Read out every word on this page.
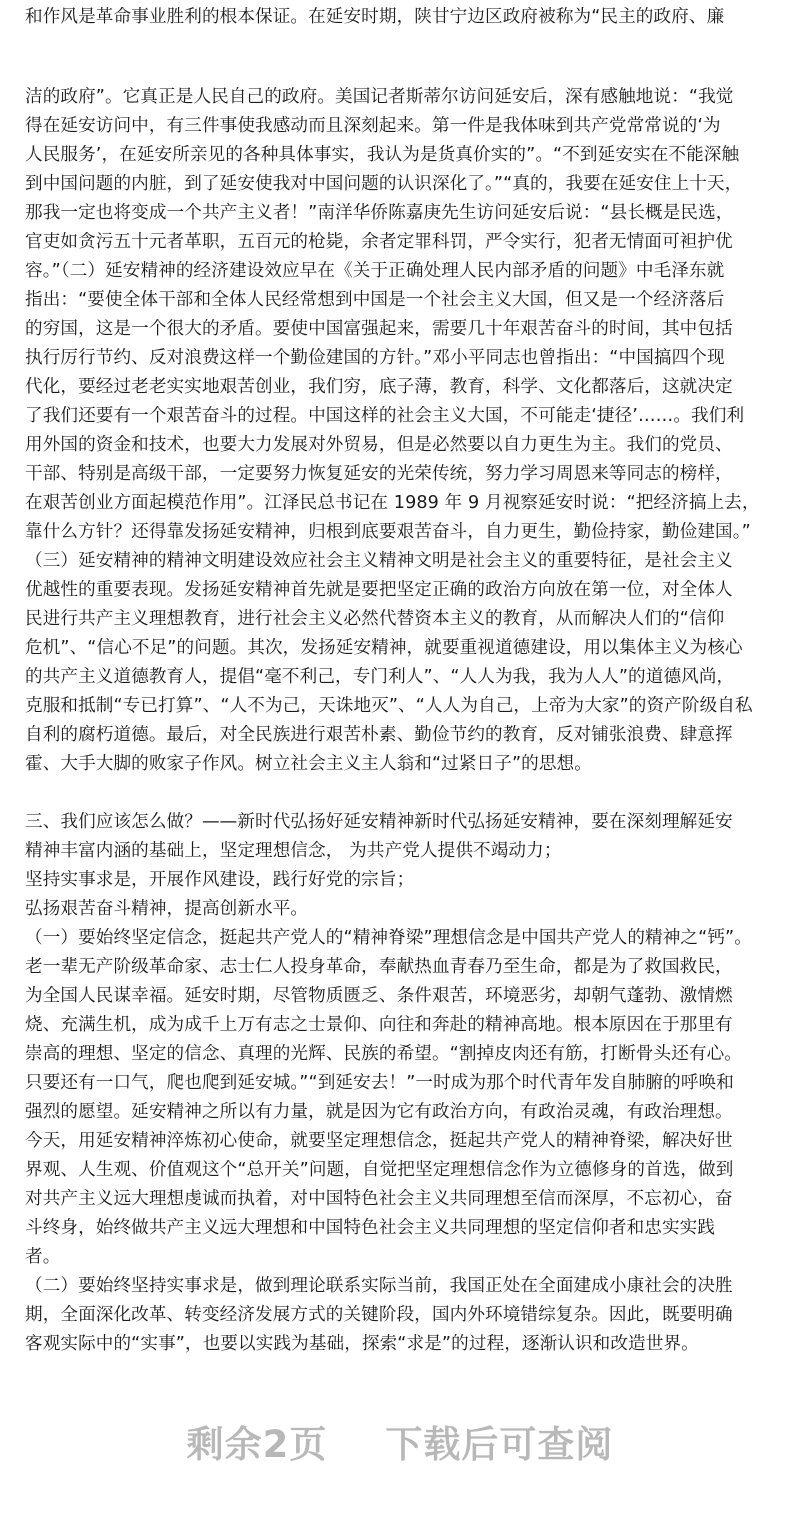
和作风是革命事业胜利的根本保证。在延安时期，陕甘宁边区政府被称为“民主的政府、廉
洁的政府”。它真正是人民自己的政府。美国记者斯蒂尔访问延安后，深有感触地说：“我觉
得在延安访问中，有三件事使我感动而且深刻起来。第一件是我体味到共产党常常说的‘为
人民服务’，在延安所亲见的各种具体事实，我认为是货真价实的”。“不到延安实在不能深触
到中国问题的内脏，到了延安使我对中国问题的认识深化了。”“真的，我要在延安住上十天，
那我一定也将变成一个共产主义者！”南洋华侨陈嘉庚先生访问延安后说：“县长概是民选，
官吏如贪污五十元者革职，五百元的枪毙，余者定罪科罚，严令实行，犯者无情面可袒护优
容。”（二）延安精神的经济建设效应早在《关于正确处理人民内部矛盾的问题》中毛泽东就
指出：“要使全体干部和全体人民经常想到中国是一个社会主义大国，但又是一个经济落后
的穷国，这是一个很大的矛盾。要使中国富强起来，需要几十年艰苦奋斗的时间，其中包括
执行厉行节约、反对浪费这样一个勤俭建国的方针。”邓小平同志也曾指出：“中国搞四个现
代化，要经过老老实实地艰苦创业，我们穷，底子薄，教育，科学、文化都落后，这就决定
了我们还要有一个艰苦奋斗的过程。中国这样的社会主义大国，不可能走‘捷径’……。我们利
用外国的资金和技术，也要大力发展对外贸易，但是必然要以自力更生为主。我们的党员、
干部、特别是高级干部，一定要努力恢复延安的光荣传统，努力学习周恩来等同志的榜样，
在艰苦创业方面起模范作用”。江泽民总书记在 1989 年 9 月视察延安时说：“把经济搞上去，
靠什么方针？还得靠发扬延安精神，归根到底要艰苦奋斗，自力更生，勤俭持家，勤俭建国。”
（三）延安精神的精神文明建设效应社会主义精神文明是社会主义的重要特征，是社会主义
优越性的重要表现。发扬延安精神首先就是要把坚定正确的政治方向放在第一位，对全体人
民进行共产主义理想教育，进行社会主义必然代替资本主义的教育，从而解决人们的“信仰
危机”、“信心不足”的问题。其次，发扬延安精神，就要重视道德建设，用以集体主义为核心
的共产主义道德教育人，提倡“毫不利己，专门利人”、“人人为我，我为人人”的道德风尚，
克服和抵制“专已打算”、“人不为己，天诛地灭”、“人人为自己，上帝为大家”的资产阶级自私
自利的腐朽道德。最后，对全民族进行艰苦朴素、勤俭节约的教育，反对铺张浪费、肆意挥
霍、大手大脚的败家子作风。树立社会主义主人翁和“过紧日子”的思想。
三、我们应该怎么做？——新时代弘扬好延安精神新时代弘扬延安精神，要在深刻理解延安
精神丰富内涵的基础上，坚定理想信念， 为共产党人提供不竭动力；
坚持实事求是，开展作风建设，践行好党的宗旨；
弘扬艰苦奋斗精神，提高创新水平。
（一）要始终坚定信念，挺起共产党人的“精神脊梁”理想信念是中国共产党人的精神之“钙”。
老一辈无产阶级革命家、志士仁人投身革命，奉献热血青春乃至生命，都是为了救国救民，
为全国人民谋幸福。延安时期，尽管物质匮乏、条件艰苦，环境恶劣，却朝气蓬勃、激情燃
烧、充满生机，成为成千上万有志之士景仰、向往和奔赴的精神高地。根本原因在于那里有
崇高的理想、坚定的信念、真理的光辉、民族的希望。“割掉皮肉还有筋，打断骨头还有心。
只要还有一口气，爬也爬到延安城。”“到延安去！”一时成为那个时代青年发自肺腑的呼唤和
强烈的愿望。延安精神之所以有力量，就是因为它有政治方向，有政治灵魂，有政治理想。
今天，用延安精神淬炼初心使命，就要坚定理想信念，挺起共产党人的精神脊梁，解决好世
界观、人生观、价值观这个“总开关”问题，自觉把坚定理想信念作为立德修身的首选，做到
对共产主义远大理想虔诚而执着，对中国特色社会主义共同理想至信而深厚，不忘初心，奋
斗终身，始终做共产主义远大理想和中国特色社会主义共同理想的坚定信仰者和忠实实践
者。
（二）要始终坚持实事求是，做到理论联系实际当前，我国正处在全面建成小康社会的决胜
期，全面深化改革、转变经济发展方式的关键阶段，国内外环境错综复杂。因此，既要明确
客观实际中的“实事”，也要以实践为基础，探索“求是”的过程，逐渐认识和改造世界。
剩余2页 下载后可查阅
